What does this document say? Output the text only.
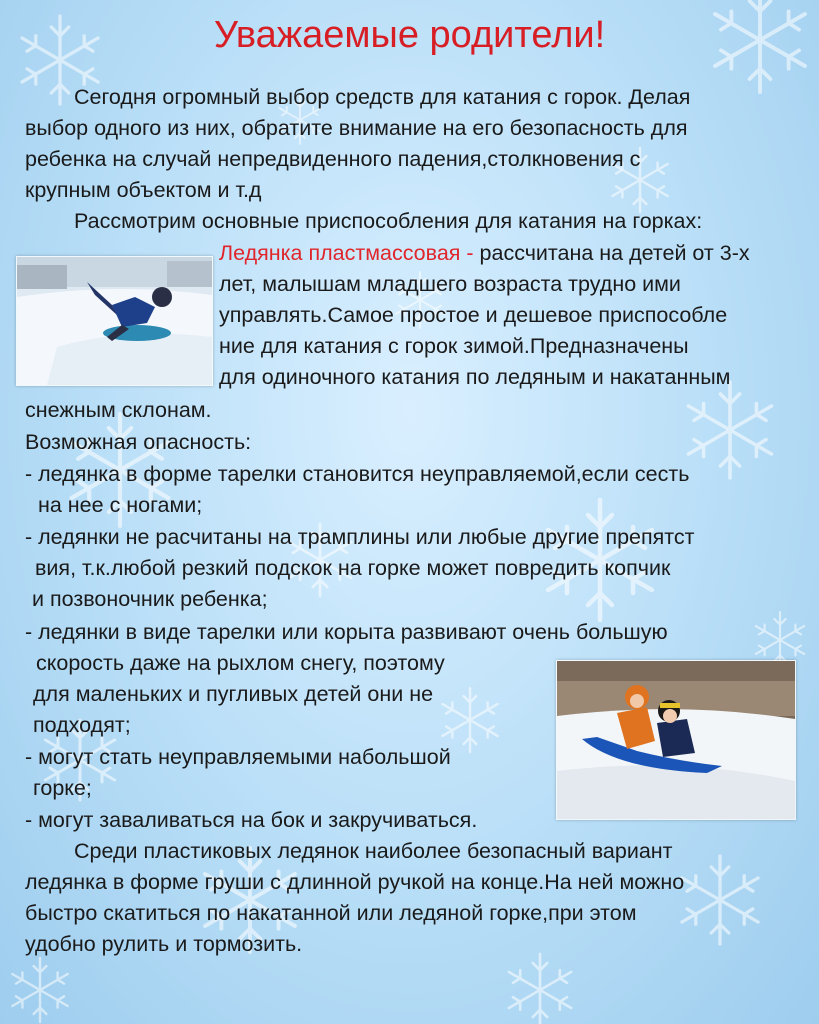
Уважаемые родители!

Сегодня огромный выбор средств для катания с горок. Делая

выбор одного из них, обратите внимание на его безопасность для

ребенка на случай непредвиденного падения,столкновения с

крупным объектом и т.д

Рассмотрим основные приспособления для катания на горках:

Ледянка пластмассовая - рассчитана на детей от 3-х

лет, малышам младшего возраста трудно ими

управлять.Самое простое и дешевое приспособле

ние для катания с горок зимой.Предназначены

для одиночного катания по ледяным и накатанным

снежным склонам.

Возможная опасность:

- ледянка в форме тарелки становится неуправляемой,если сесть

на нее с ногами;

- ледянки не расчитаны на трамплины или любые другие препятст

вия, т.к.любой резкий подскок на горке может повредить копчик

и позвоночник ребенка;

- ледянки в виде тарелки или корыта развивают очень большую

скорость даже на рыхлом снегу, поэтому

для маленьких и пугливых детей они не

подходят;

- могут стать неуправляемыми набольшой

горке;

- могут заваливаться на бок и закручиваться.

Среди пластиковых ледянок наиболее безопасный вариант

ледянка в форме груши с длинной ручкой на конце.На ней можно

быстро скатиться по накатанной или ледяной горке,при этом

удобно рулить и тормозить.
